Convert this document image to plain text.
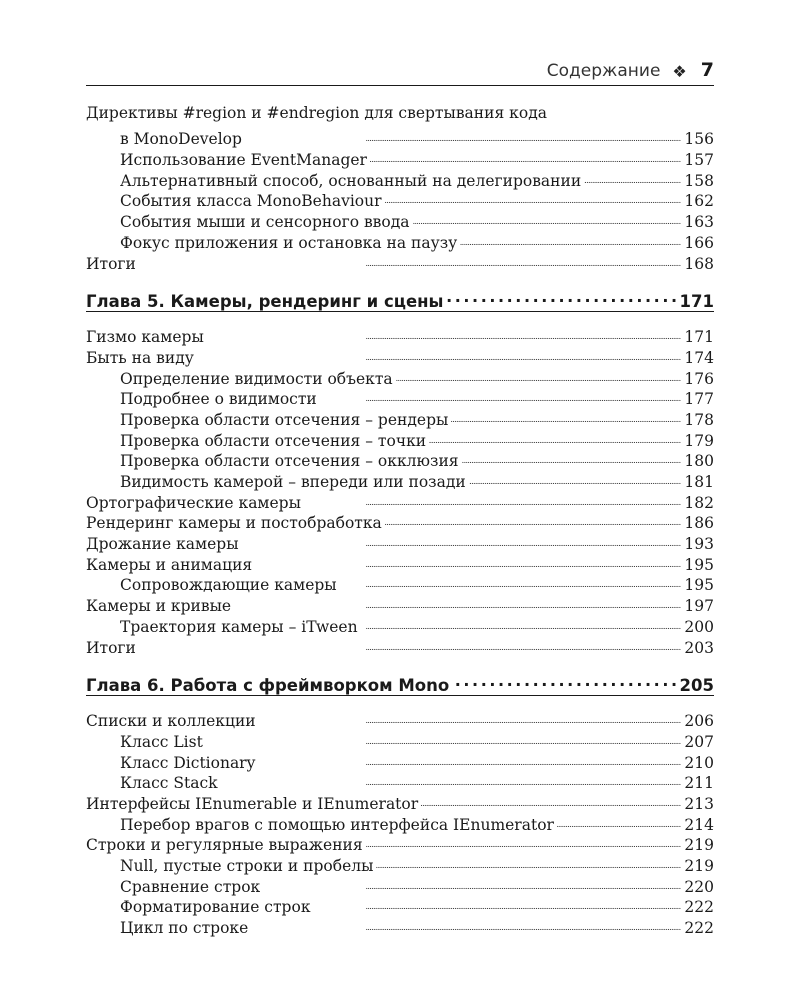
Содержание ❖ 7
Директивы #region и #endregion для свертывания кода
в MonoDevelop . . .	156
Использование EventManager . . .	157
Альтернативный способ, основанный на делегировании . . .	158
События класса MonoBehaviour . . .	162
События мыши и сенсорного ввода . . .	163
Фокус приложения и остановка на паузу . . .	166
Итоги . . .	168
Глава 5. Камеры, рендеринг и сцены . . .	171
Гизмо камеры . . .	171
Быть на виду . . .	174
Определение видимости объекта . . .	176
Подробнее о видимости . . .	177
Проверка области отсечения – рендеры . . .	178
Проверка области отсечения – точки . . .	179
Проверка области отсечения – окклюзия . . .	180
Видимость камерой – впереди или позади . . .	181
Ортографические камеры . . .	182
Рендеринг камеры и постобработка . . .	186
Дрожание камеры . . .	193
Камеры и анимация . . .	195
Сопровождающие камеры . . .	195
Камеры и кривые . . .	197
Траектория камеры – iTween . . .	200
Итоги . . .	203
Глава 6. Работа с фреймворком Mono . . .	205
Списки и коллекции . . .	206
Класс List . . .	207
Класс Dictionary . . .	210
Класс Stack . . .	211
Интерфейсы IEnumerable и IEnumerator . . .	213
Перебор врагов с помощью интерфейса IEnumerator . . .	214
Строки и регулярные выражения . . .	219
Null, пустые строки и пробелы . . .	219
Сравнение строк . . .	220
Форматирование строк . . .	222
Цикл по строке . . .	222
